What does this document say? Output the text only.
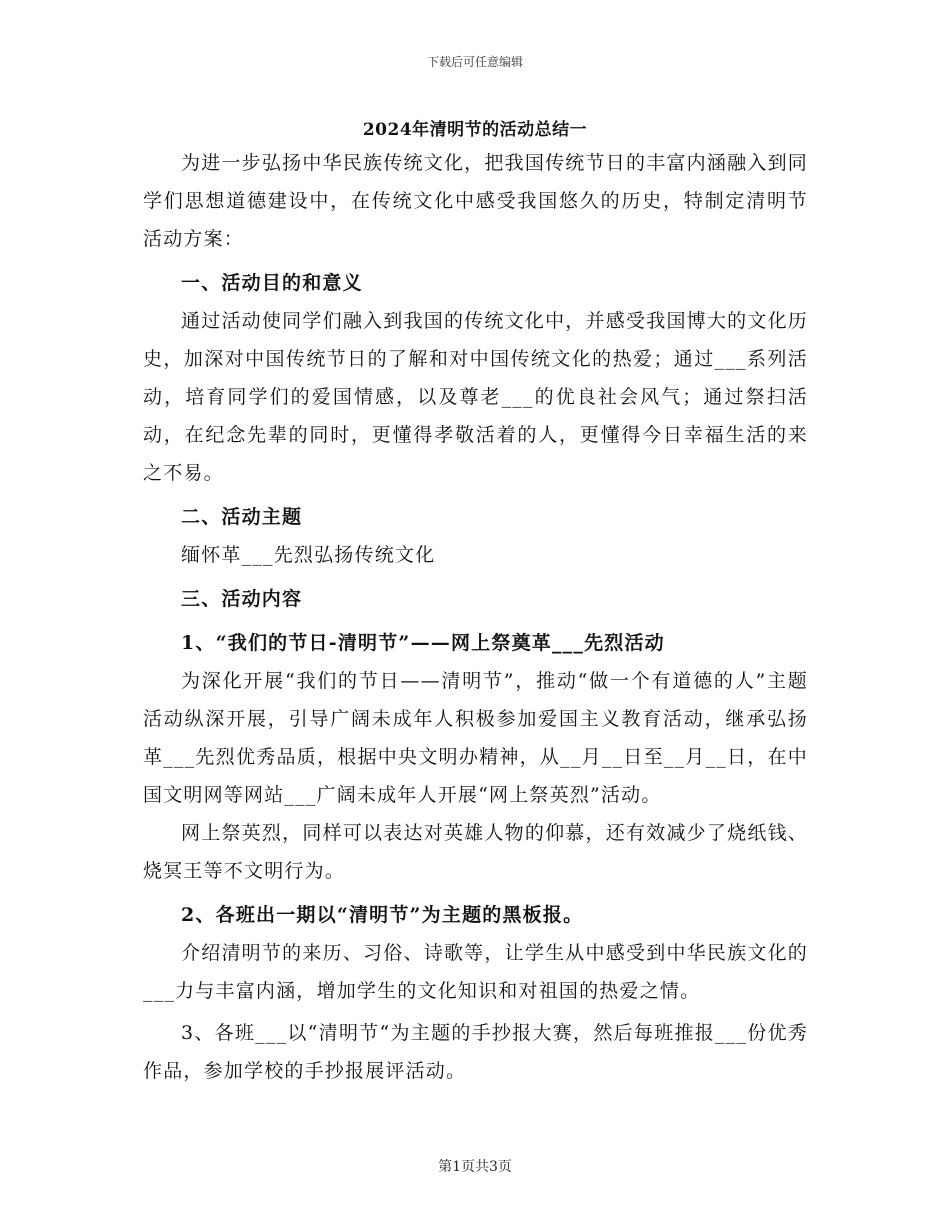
下载后可任意编辑
2024年清明节的活动总结一

为进一步弘扬中华民族传统文化，把我国传统节日的丰富内涵融入到同学们思想道德建设中，在传统文化中感受我国悠久的历史，特制定清明节活动方案：

一、活动目的和意义

通过活动使同学们融入到我国的传统文化中，并感受我国博大的文化历史，加深对中国传统节日的了解和对中国传统文化的热爱；通过___系列活动，培育同学们的爱国情感，以及尊老___的优良社会风气；通过祭扫活动，在纪念先辈的同时，更懂得孝敬活着的人，更懂得今日幸福生活的来之不易。

二、活动主题

缅怀革___先烈弘扬传统文化

三、活动内容

1、“我们的节日-清明节”——网上祭奠革___先烈活动

为深化开展“我们的节日——清明节”，推动“做一个有道德的人”主题活动纵深开展，引导广阔未成年人积极参加爱国主义教育活动，继承弘扬革___先烈优秀品质，根据中央文明办精神，从__月__日至__月__日，在中国文明网等网站___广阔未成年人开展“网上祭英烈”活动。

网上祭英烈，同样可以表达对英雄人物的仰慕，还有效减少了烧纸钱、烧冥王等不文明行为。

2、各班出一期以“清明节”为主题的黑板报。

介绍清明节的来历、习俗、诗歌等，让学生从中感受到中华民族文化的___力与丰富内涵，增加学生的文化知识和对祖国的热爱之情。

3、各班___以“清明节“为主题的手抄报大赛，然后每班推报___份优秀作品，参加学校的手抄报展评活动。

第1页共3页
